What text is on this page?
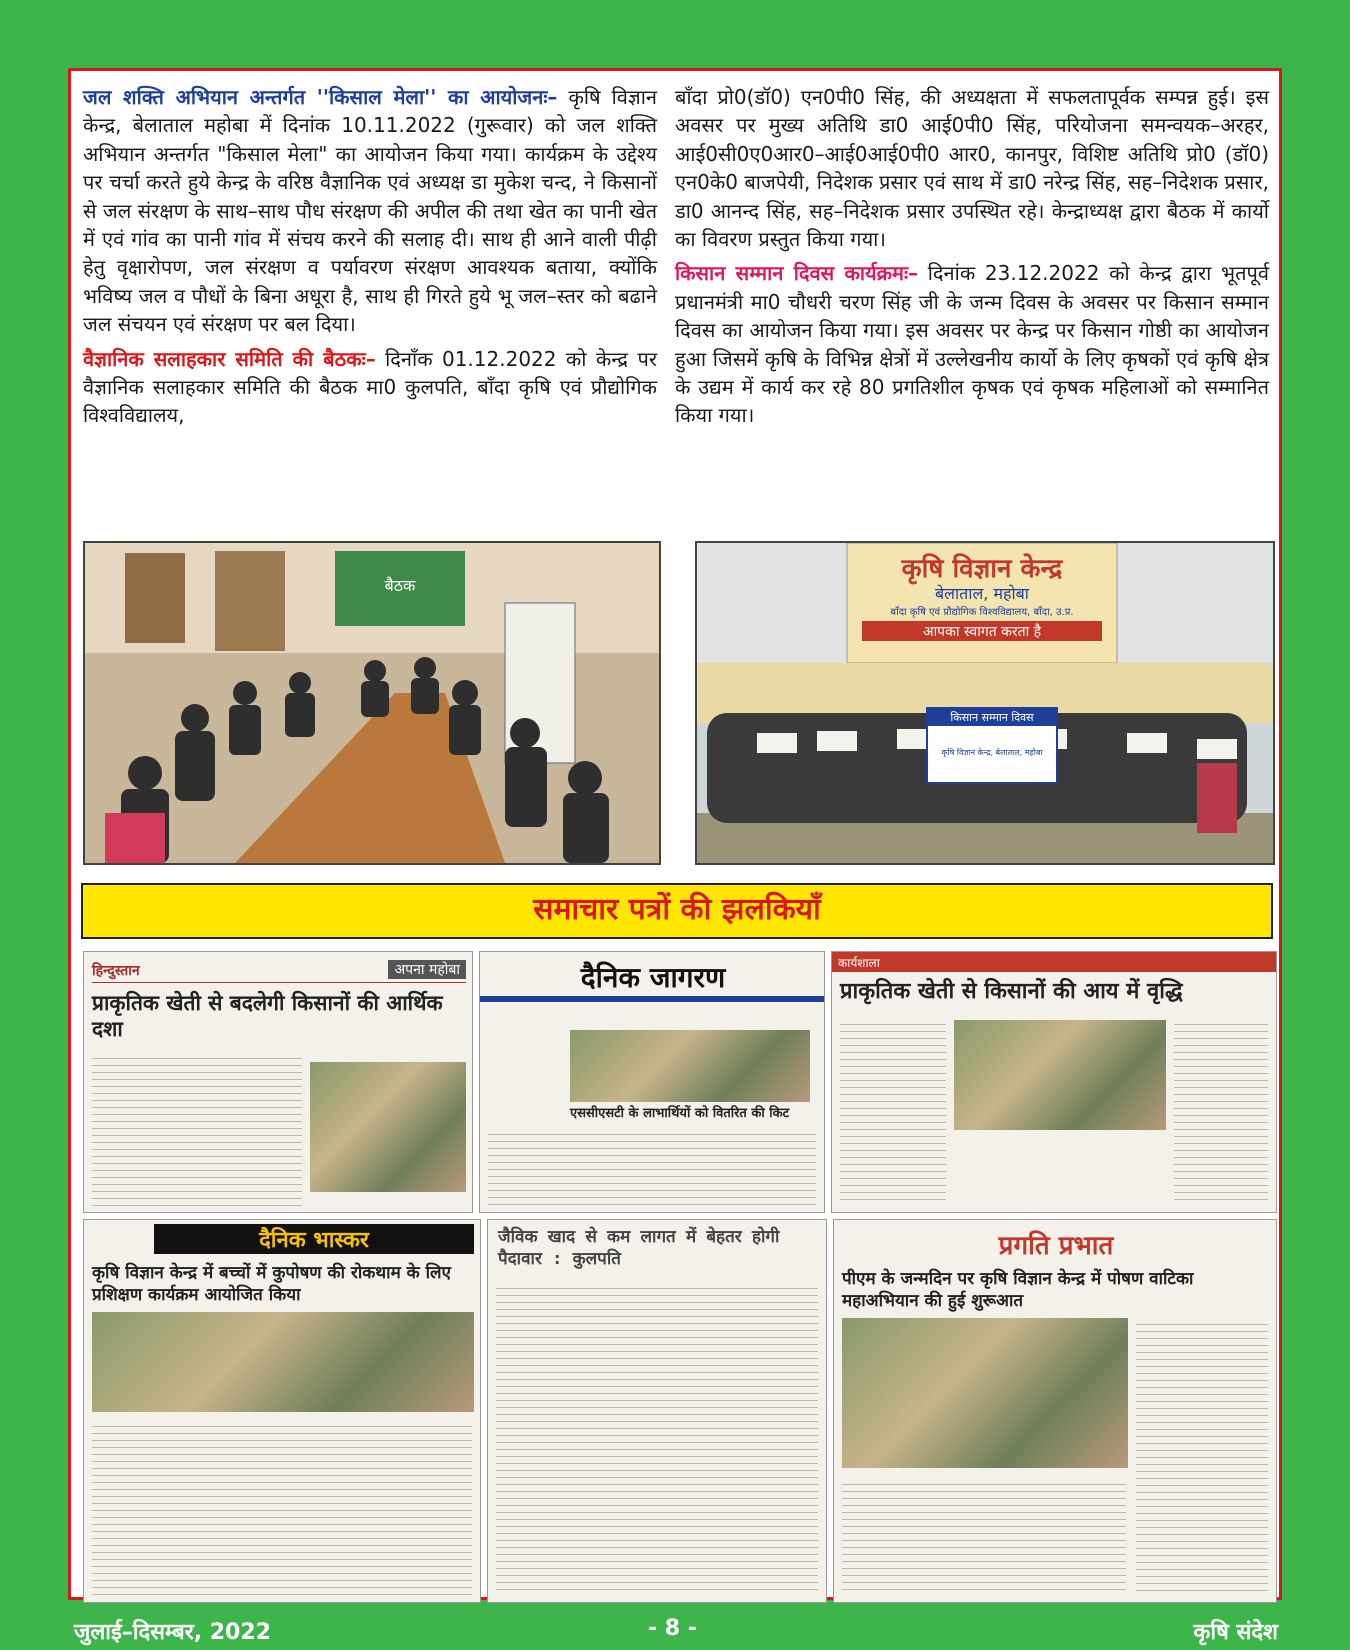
जल शक्ति अभियान अन्तर्गत ''किसाल मेला'' का आयोजनः– कृषि विज्ञान केन्द्र, बेलाताल महोबा में दिनांक 10.11.2022 (गुरूवार) को जल शक्ति अभियान अन्तर्गत "किसाल मेला" का आयोजन किया गया। कार्यक्रम के उद्देश्य पर चर्चा करते हुये केन्द्र के वरिष्ठ वैज्ञानिक एवं अध्यक्ष डा मुकेश चन्द, ने किसानों से जल संरक्षण के साथ–साथ पौध संरक्षण की अपील की तथा खेत का पानी खेत में एवं गांव का पानी गांव में संचय करने की सलाह दी। साथ ही आने वाली पीढ़ी हेतु वृक्षारोपण, जल संरक्षण व पर्यावरण संरक्षण आवश्यक बताया, क्योंकि भविष्य जल व पौधों के बिना अधूरा है, साथ ही गिरते हुये भू जल–स्तर को बढाने जल संचयन एवं संरक्षण पर बल दिया।

वैज्ञानिक सलाहकार समिति की बैठकः– दिनाँक 01.12.2022 को केन्द्र पर वैज्ञानिक सलाहकार समिति की बैठक मा0 कुलपति, बाँदा कृषि एवं प्रौद्योगिक विश्वविद्यालय,

बाँदा प्रो0(डॉ0) एन0पी0 सिंह, की अध्यक्षता में सफलतापूर्वक सम्पन्न हुई। इस अवसर पर मुख्य अतिथि डा0 आई0पी0 सिंह, परियोजना समन्वयक–अरहर, आई0सी0ए0आर0–आई0आई0पी0 आर0, कानपुर, विशिष्ट अतिथि प्रो0 (डॉ0) एन0के0 बाजपेयी, निदेशक प्रसार एवं साथ में डा0 नरेन्द्र सिंह, सह–निदेशक प्रसार, डा0 आनन्द सिंह, सह–निदेशक प्रसार उपस्थित रहे। केन्द्राध्यक्ष द्वारा बैठक में कार्यो का विवरण प्रस्तुत किया गया।

किसान सम्मान दिवस कार्यक्रमः– दिनांक 23.12.2022 को केन्द्र द्वारा भूतपूर्व प्रधानमंत्री मा0 चौधरी चरण सिंह जी के जन्म दिवस के अवसर पर किसान सम्मान दिवस का आयोजन किया गया। इस अवसर पर केन्द्र पर किसान गोष्ठी का आयोजन हुआ जिसमें कृषि के विभिन्न क्षेत्रों में उल्लेखनीय कार्यो के लिए कृषकों एवं कृषि क्षेत्र के उद्यम में कार्य कर रहे 80 प्रगतिशील कृषक एवं कृषक महिलाओं को सम्मानित किया गया।

बैठक
कृषि विज्ञान केन्द्र
बेलाताल, महोबा
बाँदा कृषि एवं प्रौद्योगिक विश्वविद्यालय, बाँदा, उ.प्र.
आपका स्वागत करता है
किसान सम्मान दिवस
कृषि विज्ञान केन्द्र, बेलाताल, महोबा
समाचार पत्रों की झलकियाँ
हिन्दुस्तान	अपना महोबा
प्राकृतिक खेती से बदलेगी किसानों की आर्थिक दशा
दैनिक जागरण
एससीएसटी के लाभार्थियों को वितरित की किट
कार्यशाला
प्राकृतिक खेती से किसानों की आय में वृद्धि
दैनिक भास्कर
कृषि विज्ञान केन्द्र में बच्चों में कुपोषण की रोकथाम के लिए प्रशिक्षण कार्यक्रम आयोजित किया
जैविक खाद से कम लागत में बेहतर होगी पैदावार : कुलपति	प्रगति प्रभात
पीएम के जन्मदिन पर कृषि विज्ञान केन्द्र में पोषण वाटिका महाअभियान की हुई शुरूआत
जुलाई–दिसम्बर, 2022	- 8 -	कृषि संदेश
